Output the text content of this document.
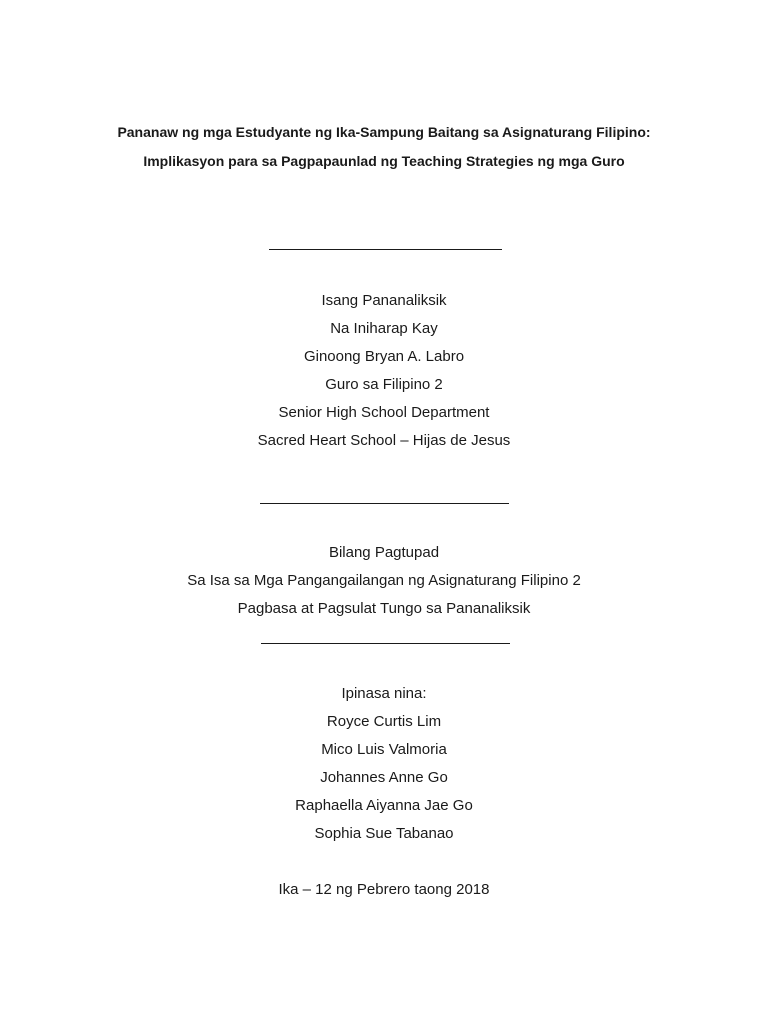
Pananaw ng mga Estudyante ng Ika-Sampung Baitang sa Asignaturang Filipino:
Implikasyon para sa Pagpapaunlad ng Teaching Strategies ng mga Guro
Isang Pananaliksik
Na Iniharap Kay
Ginoong Bryan A. Labro
Guro sa Filipino 2
Senior High School Department
Sacred Heart School – Hijas de Jesus
Bilang Pagtupad
Sa Isa sa Mga Pangangailangan ng Asignaturang Filipino 2
Pagbasa at Pagsulat Tungo sa Pananaliksik
Ipinasa nina:
Royce Curtis Lim
Mico Luis Valmoria
Johannes Anne Go
Raphaella Aiyanna Jae Go
Sophia Sue Tabanao
Ika – 12 ng Pebrero taong 2018
